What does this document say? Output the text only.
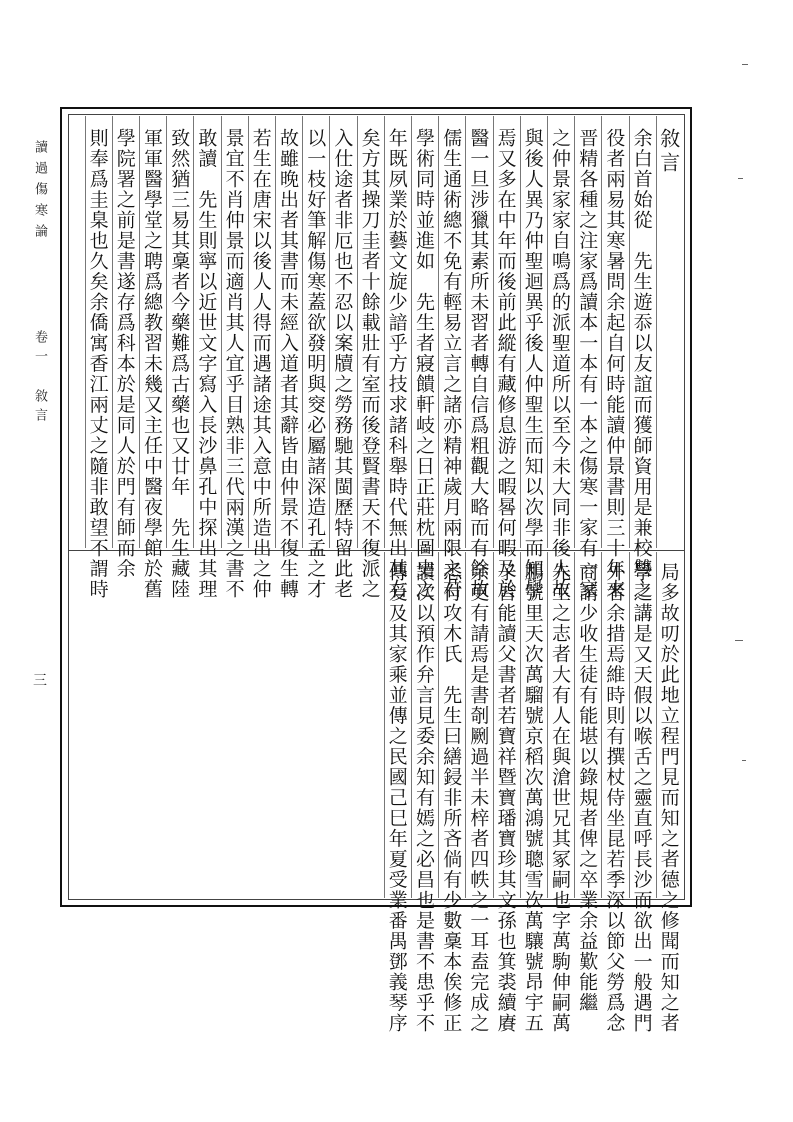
敘言
余白首始從　先生遊忝以友誼而獲師資用是兼校讐之
役者兩易其寒暑問余起自何時能讀仲景書則三十年來
晋精各種之注家爲讀本一本有一本之傷寒一家有一家
之仲景家家自鳴爲的派聖道所以至今未大同非後人故
與後人異乃仲聖迴異乎後人仲聖生而知以次學而知學
焉又多在中年而後前此縱有藏修息游之暇晷何暇及於
醫一旦涉獵其素所未習者轉自信爲粗觀大略而有餘故
儒生通術總不免有輕易立言之諸亦精神歲月兩限之若
學術同時並進如　先生者寢饋軒岐之日正莊枕圖史之
年既夙業於藝文旋少諳乎方技求諸科舉時代無出其右
矣方其操刀圭者十餘載壯有室而後登賢書天不復派之
入仕途者非厄也不忍以案牘之勞務馳其閩歷特留此老
以一枝好筆解傷寒蓋欲發明與窔必屬諸深造孔孟之才
故雖晚出者其書而未經入道者其辭皆由仲景不復生轉
若生在唐宋以後人人得而遇諸途其入意中所造出之仲
景宜不肖仲景而適肖其人宜乎目熟非三代兩漢之書不
敢讀　先生則寧以近世文字寫入長沙鼻孔中探出其理
致然猶三易其稾者今藥難爲古藥也又廿年　先生藏陸
軍軍醫學堂之聘爲總教習未幾又主任中醫夜學館於舊
學院署之前是書遂存爲科本於是同人於門有師而余
則奉爲圭臬也久矣余僑寓香江兩丈之隨非敢望不謂時
局多故叨於此地立程門見而知之者德之修聞而知之者
學之講是又天假以喉舌之靈直呼長沙而欲出一般遇門
外者余措焉維時則有撰杖侍坐昆若季深以節父勞爲念
商請少收生徒有能堪以錄規者俾之卒業余益歎能繼
先生之志者大有人在與滄世兄其冢嗣也字萬駒伸嗣萬
鵬號里天次萬騮號京稻次萬鴻號聰雪次萬驤號昂宇五
子皆能讀父書者若寶祥暨寶璠寶珍其文孫也箕裘續賡
余更有請焉是書剞劂過半未梓者四帙之一耳盍完成之
悉付攻木氏　先生曰繕鋟非所吝倘有少數稾本俟修正
讀次以預作弁言見委余知有嫣之必昌也是書不患乎不
傳爰及其家乘並傳之民國己巳年夏受業番禺鄧義琴序
讀過傷寒論
卷一 敘言
三
